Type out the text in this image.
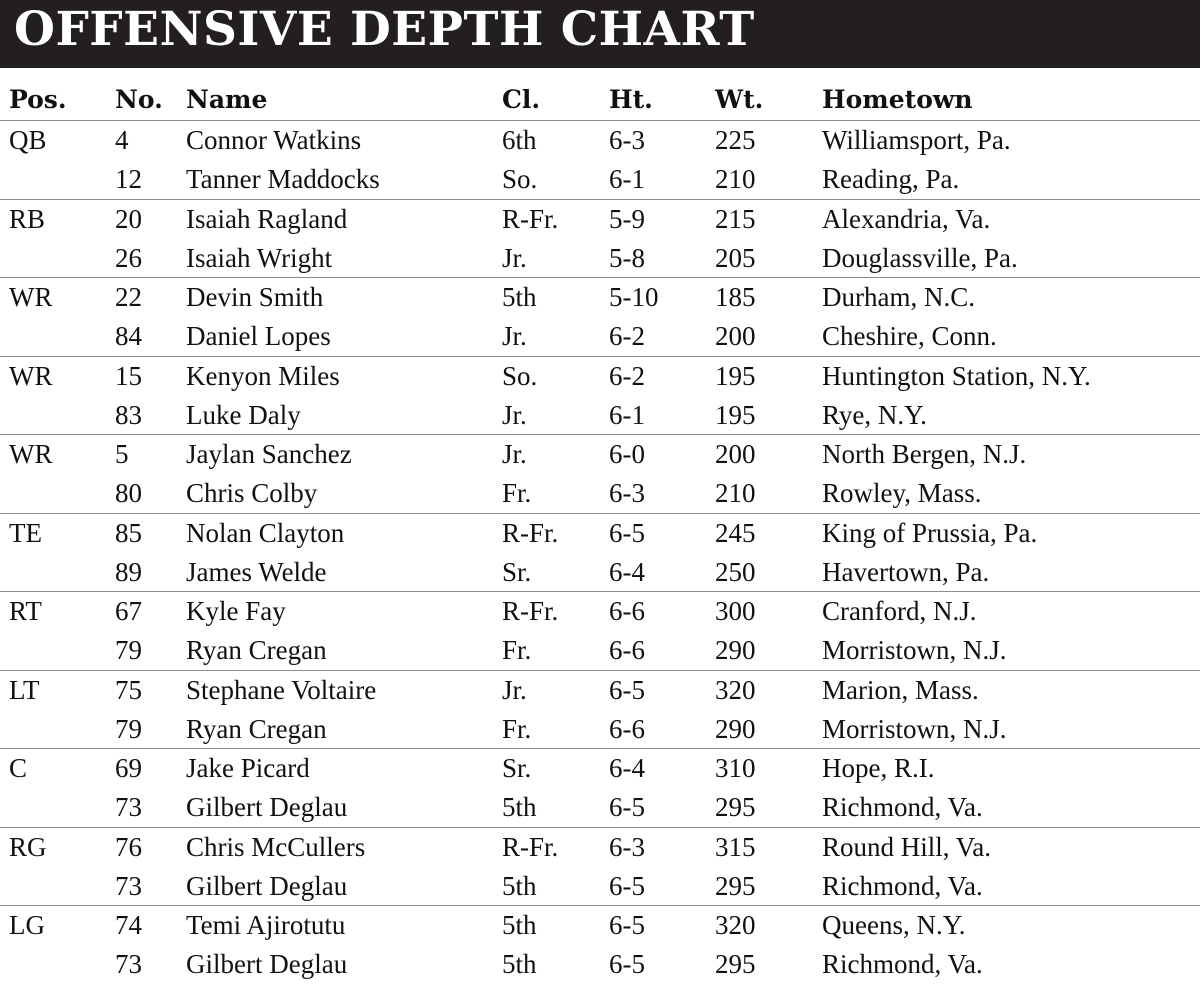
OFFENSIVE DEPTH CHART
Pos. No. Name	Cl.	Ht. Wt. Hometown
QB	4 Connor Watkins	6th	6-3	225 Williamsport, Pa.
12 Tanner Maddocks	So.	6-1	210 Reading, Pa.
RB	20 Isaiah Ragland	R-Fr. 5-9	215 Alexandria, Va.
26 Isaiah Wright	Jr.	5-8	205 Douglassville, Pa.
WR 22 Devin Smith	5th	5-10 185 Durham, N.C.
84 Daniel Lopes	Jr.	6-2	200 Cheshire, Conn.
WR 15 Kenyon Miles	So.	6-2	195 Huntington Station, N.Y.
83 Luke Daly	Jr.	6-1	195 Rye, N.Y.
WR 5 Jaylan Sanchez	Jr.	6-0	200 North Bergen, N.J.
80 Chris Colby	Fr.	6-3	210 Rowley, Mass.
TE	85 Nolan Clayton	R-Fr. 6-5	245 King of Prussia, Pa.
89 James Welde	Sr.	6-4	250 Havertown, Pa.
RT	67 Kyle Fay	R-Fr. 6-6	300 Cranford, N.J.
79 Ryan Cregan	Fr.	6-6	290 Morristown, N.J.
LT	75 Stephane Voltaire	Jr.	6-5	320 Marion, Mass.
79 Ryan Cregan	Fr.	6-6	290 Morristown, N.J.
C	69 Jake Picard	Sr.	6-4	310 Hope, R.I.
73 Gilbert Deglau	5th	6-5	295 Richmond, Va.
RG	76 Chris McCullers	R-Fr. 6-3	315 Round Hill, Va.
73 Gilbert Deglau	5th	6-5	295 Richmond, Va.
LG	74 Temi Ajirotutu	5th	6-5	320 Queens, N.Y.
73 Gilbert Deglau	5th	6-5	295 Richmond, Va.
